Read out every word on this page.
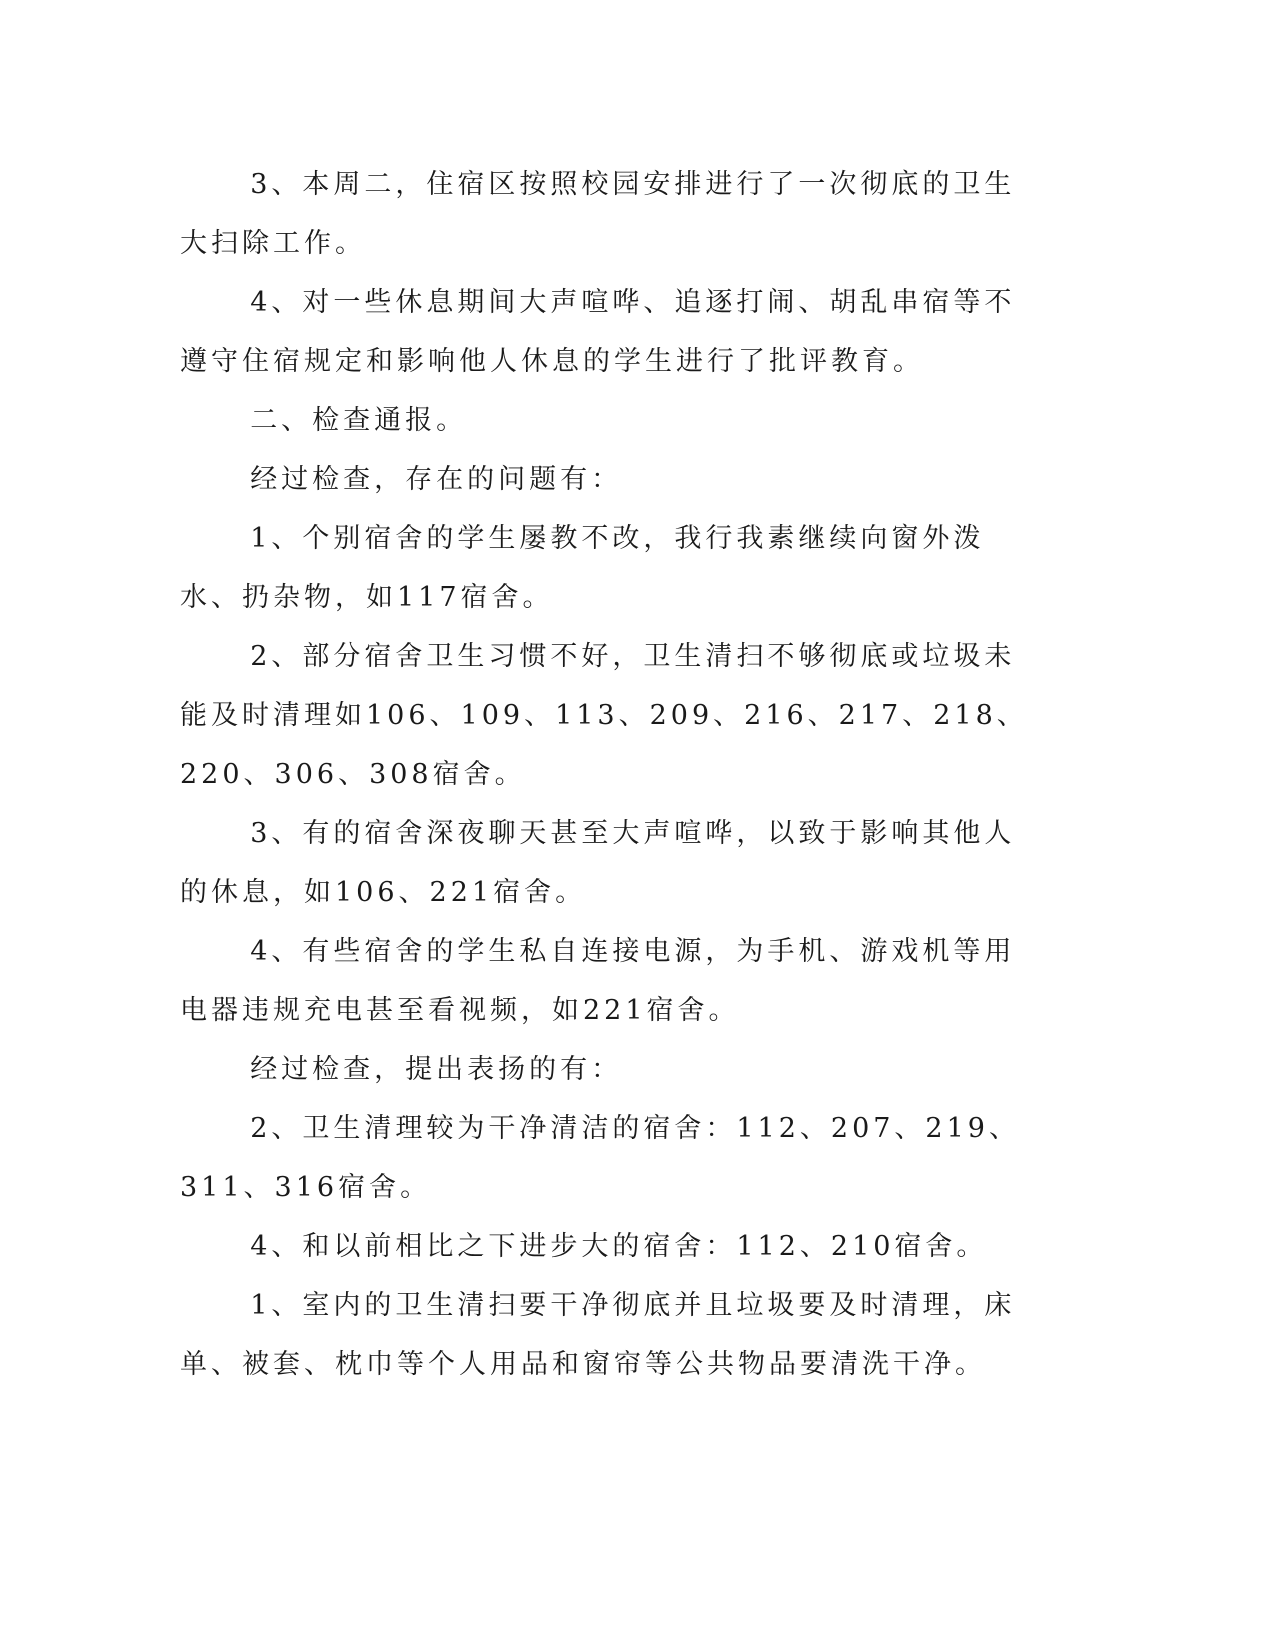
3、本周二，住宿区按照校园安排进行了一次彻底的卫生大扫除工作。

4、对一些休息期间大声喧哗、追逐打闹、胡乱串宿等不遵守住宿规定和影响他人休息的学生进行了批评教育。

二、检查通报。

经过检查，存在的问题有：

1、个别宿舍的学生屡教不改，我行我素继续向窗外泼水、扔杂物，如117宿舍。

2、部分宿舍卫生习惯不好，卫生清扫不够彻底或垃圾未能及时清理如106、109、113、209、216、217、218、220、306、308宿舍。

3、有的宿舍深夜聊天甚至大声喧哗，以致于影响其他人的休息，如106、221宿舍。

4、有些宿舍的学生私自连接电源，为手机、游戏机等用电器违规充电甚至看视频，如221宿舍。

经过检查，提出表扬的有：

2、卫生清理较为干净清洁的宿舍：112、207、219、311、316宿舍。

4、和以前相比之下进步大的宿舍：112、210宿舍。

1、室内的卫生清扫要干净彻底并且垃圾要及时清理，床单、被套、枕巾等个人用品和窗帘等公共物品要清洗干净。
